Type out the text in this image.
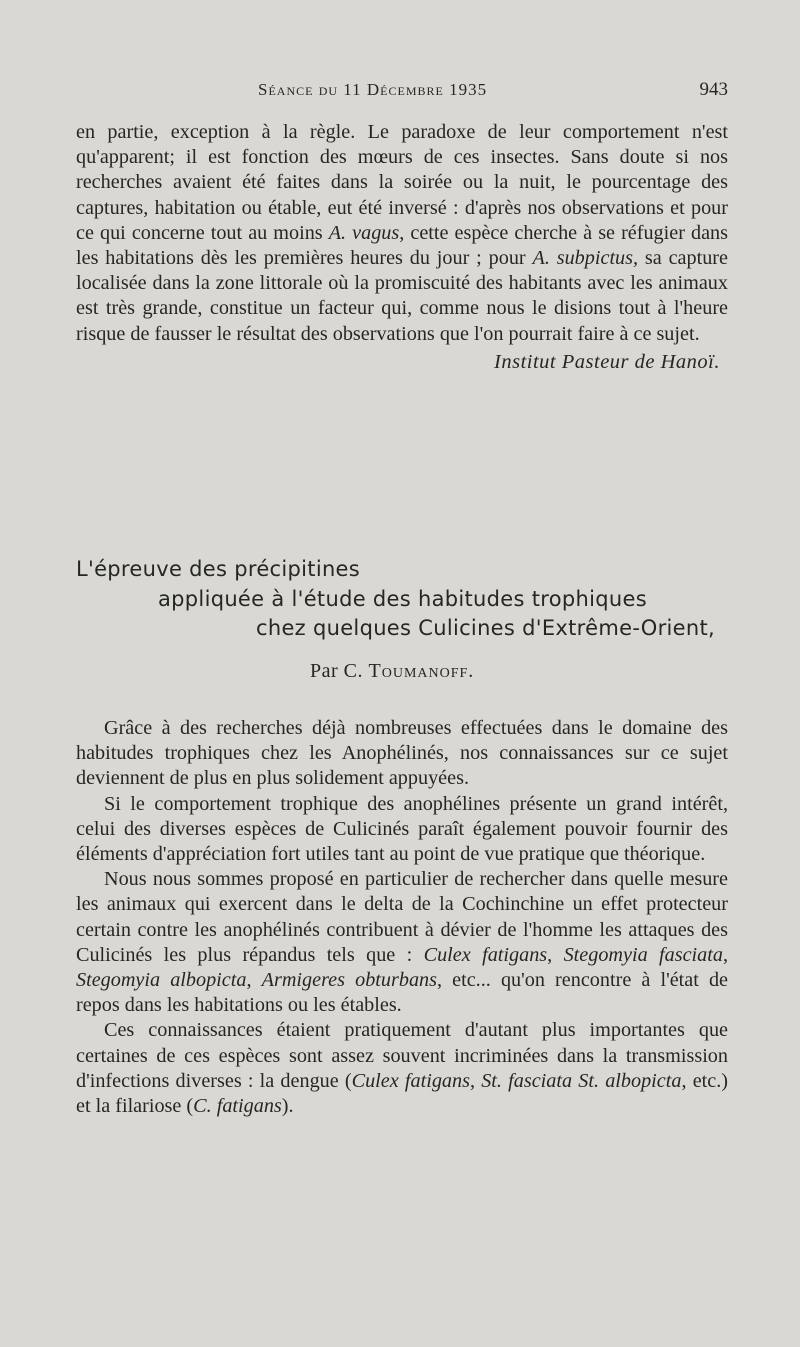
Séance du 11 Décembre 1935	943

en partie, exception à la règle. Le paradoxe de leur comportement n'est qu'apparent; il est fonction des mœurs de ces insectes. Sans doute si nos recherches avaient été faites dans la soirée ou la nuit, le pourcentage des captures, habitation ou étable, eut été inversé : d'après nos observations et pour ce qui concerne tout au moins A. vagus, cette espèce cherche à se réfugier dans les habitations dès les premières heures du jour ; pour A. subpictus, sa capture localisée dans la zone littorale où la promiscuité des habitants avec les animaux est très grande, constitue un facteur qui, comme nous le disions tout à l'heure risque de fausser le résultat des observations que l'on pourrait faire à ce sujet.

Institut Pasteur de Hanoï.

L'épreuve des précipitines
appliquée à l'étude des habitudes trophiques
chez quelques Culicines d'Extrême-Orient,
Par C. Toumanoff.

Grâce à des recherches déjà nombreuses effectuées dans le domaine des habitudes trophiques chez les Anophélinés, nos connaissances sur ce sujet deviennent de plus en plus solidement appuyées.

Si le comportement trophique des anophélines présente un grand intérêt, celui des diverses espèces de Culicinés paraît également pouvoir fournir des éléments d'appréciation fort utiles tant au point de vue pratique que théorique.

Nous nous sommes proposé en particulier de rechercher dans quelle mesure les animaux qui exercent dans le delta de la Cochinchine un effet protecteur certain contre les anophélinés contribuent à dévier de l'homme les attaques des Culicinés les plus répandus tels que : Culex fatigans, Stegomyia fasciata, Stegomyia albopicta, Armigeres obturbans, etc... qu'on rencontre à l'état de repos dans les habitations ou les étables.

Ces connaissances étaient pratiquement d'autant plus importantes que certaines de ces espèces sont assez souvent incriminées dans la transmission d'infections diverses : la dengue (Culex fatigans, St. fasciata St. albopicta, etc.) et la filariose (C. fatigans).
